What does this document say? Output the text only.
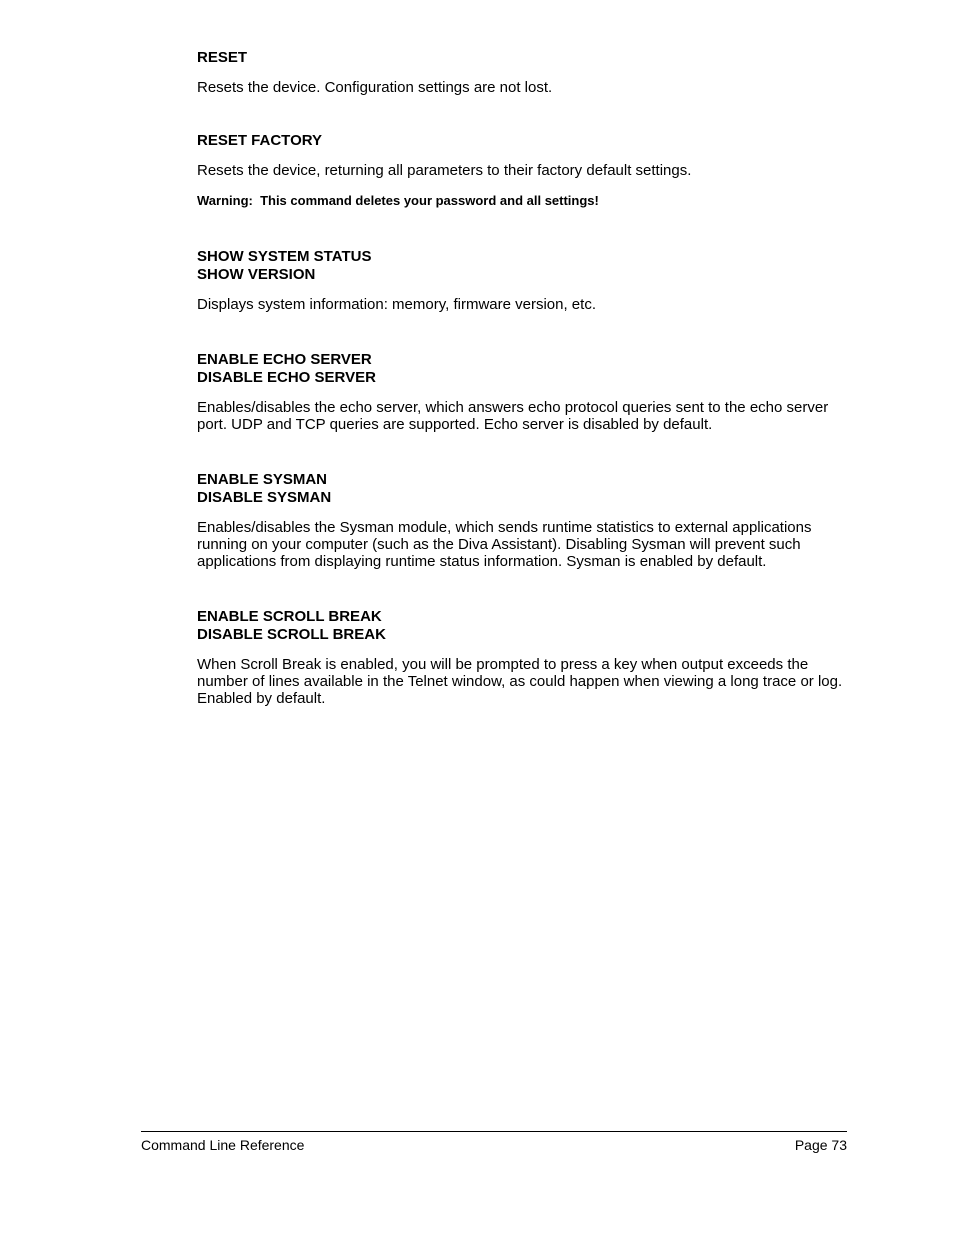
RESET

Resets the device. Configuration settings are not lost.

RESET FACTORY

Resets the device, returning all parameters to their factory default settings.

Warning:  This command deletes your password and all settings!

SHOW SYSTEM STATUS

SHOW VERSION

Displays system information: memory, firmware version, etc.

ENABLE ECHO SERVER

DISABLE ECHO SERVER

Enables/disables the echo server, which answers echo protocol queries sent to the echo server port. UDP and TCP queries are supported. Echo server is disabled by default.

ENABLE SYSMAN

DISABLE SYSMAN

Enables/disables the Sysman module, which sends runtime statistics to external applications running on your computer (such as the Diva Assistant). Disabling Sysman will prevent such applications from displaying runtime status information. Sysman is enabled by default.

ENABLE SCROLL BREAK

DISABLE SCROLL BREAK

When Scroll Break is enabled, you will be prompted to press a key when output exceeds the number of lines available in the Telnet window, as could happen when viewing a long trace or log. Enabled by default.

Command Line Reference	Page 73
